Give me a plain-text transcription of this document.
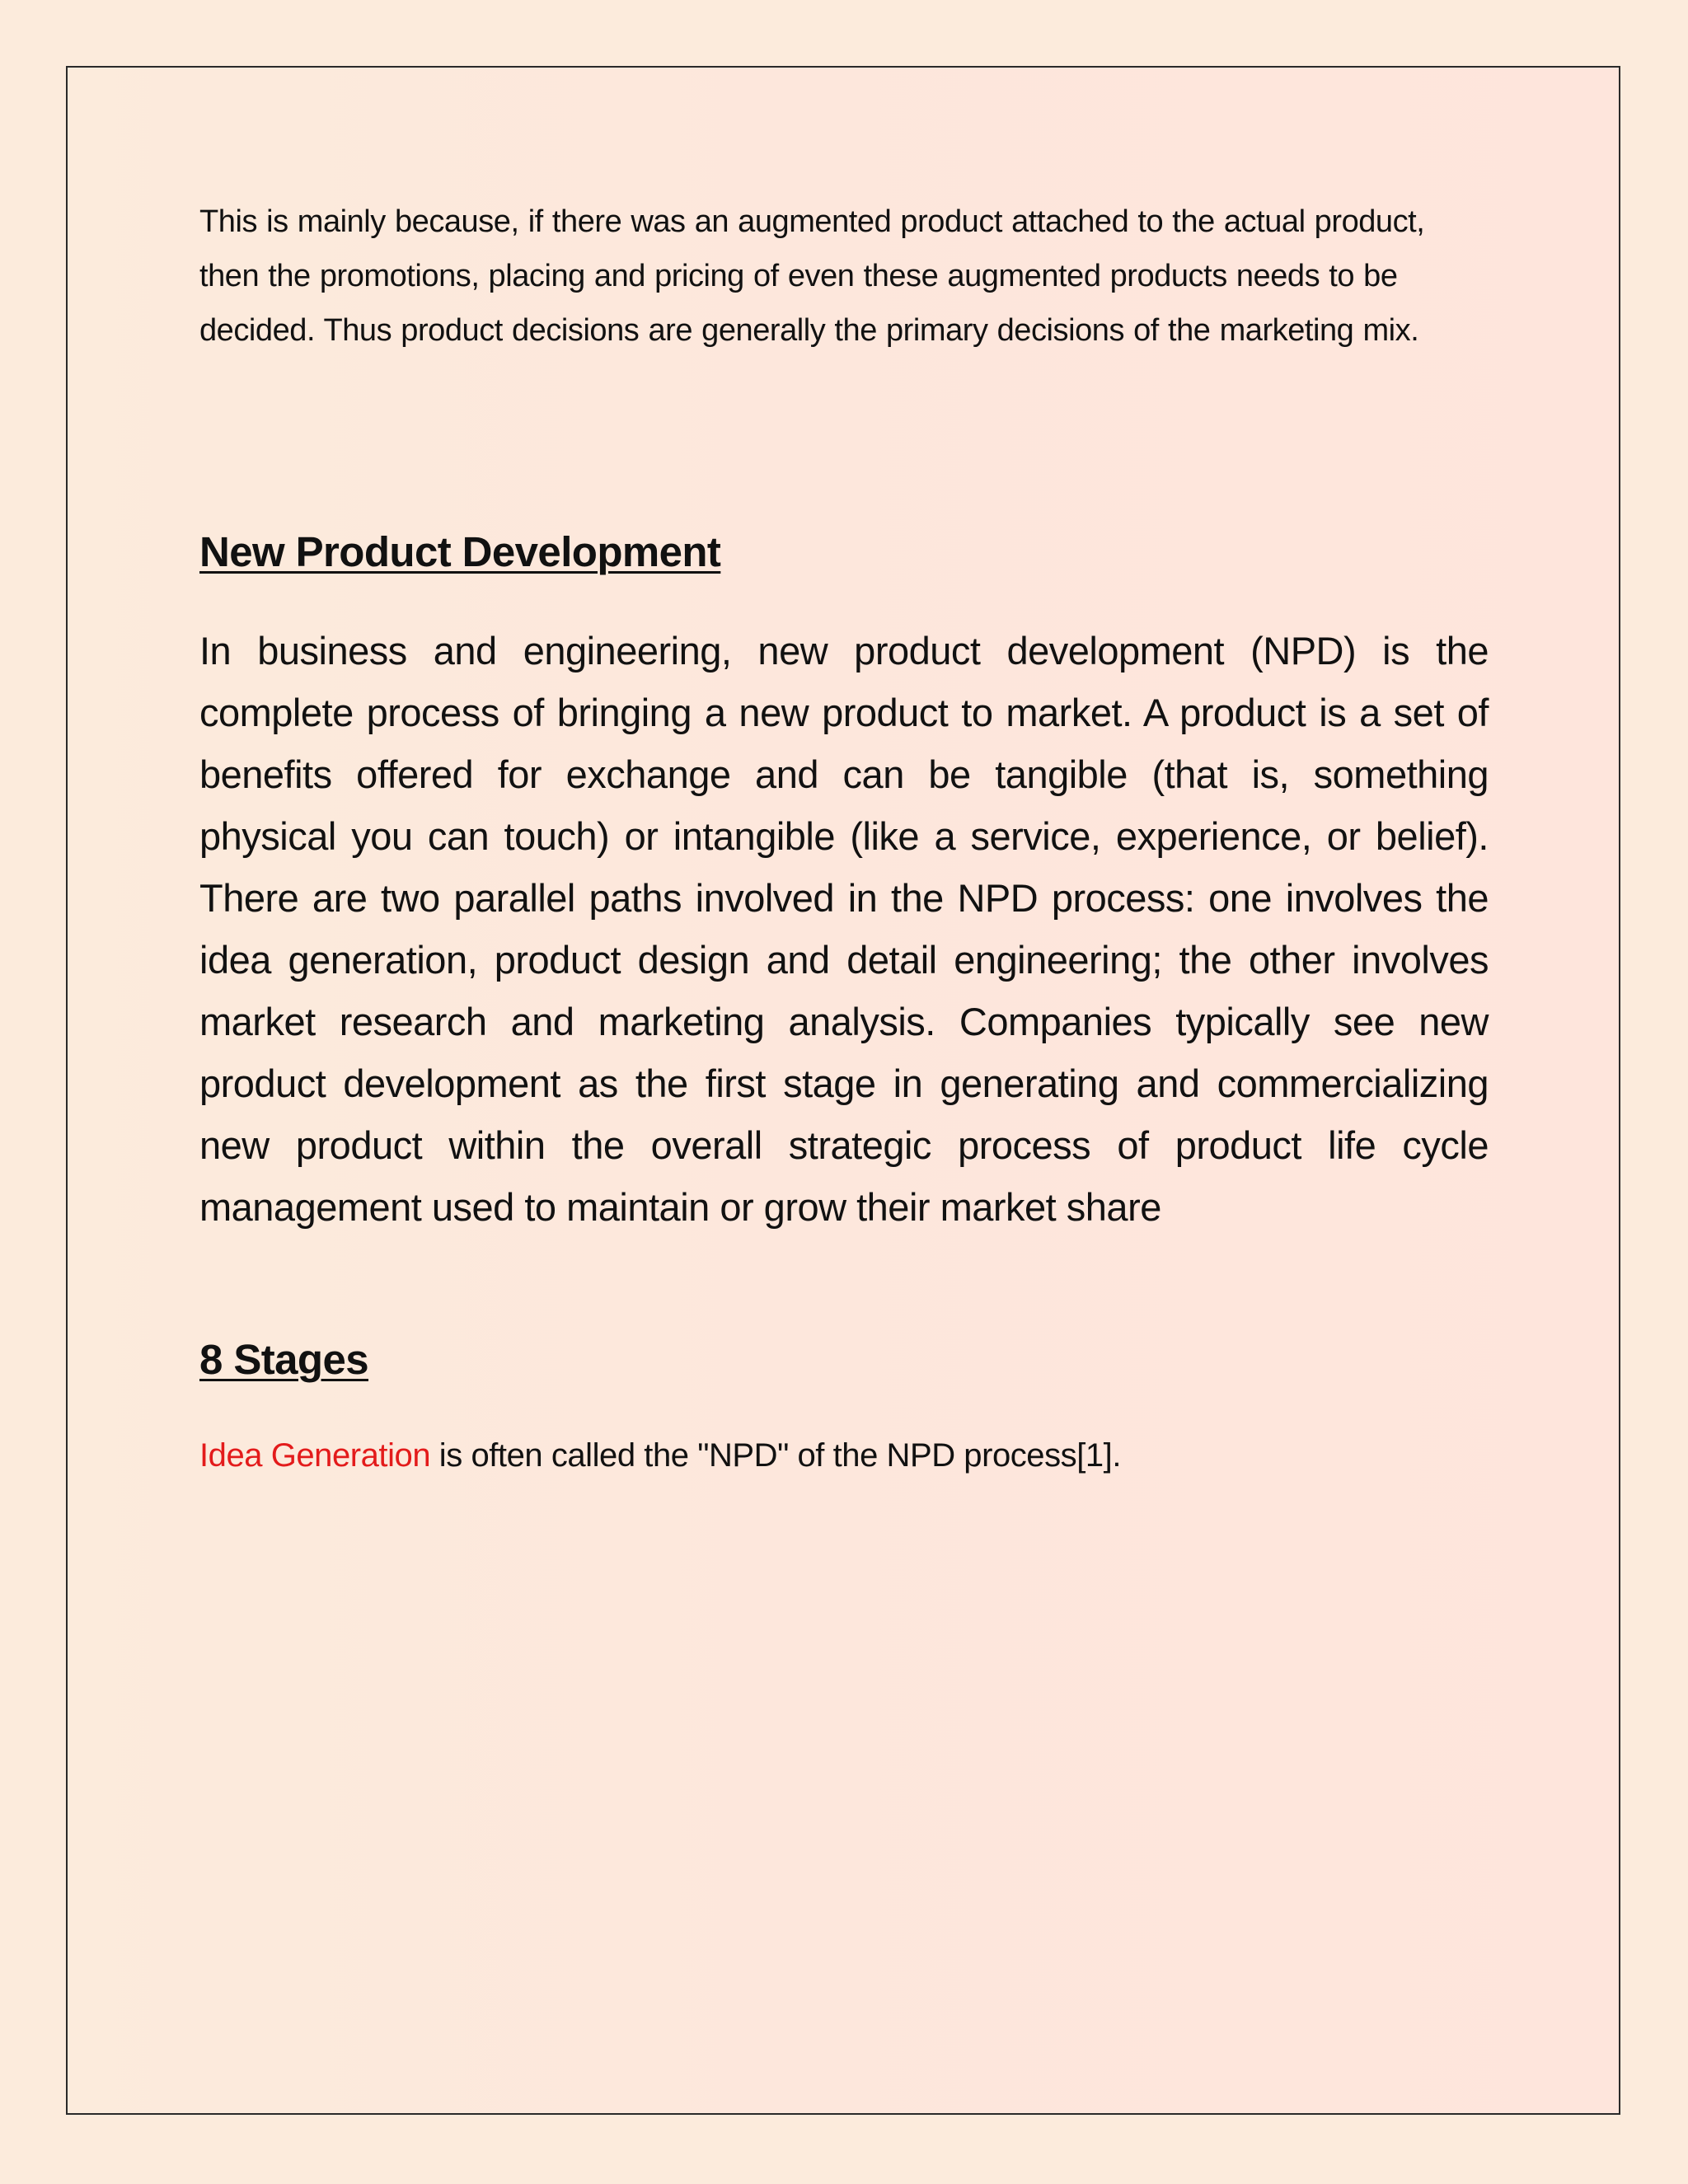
This is mainly because, if there was an augmented product attached to the actual product, then the promotions, placing and pricing of even these augmented products needs to be decided. Thus product decisions are generally the primary decisions of the marketing mix.

New Product Development

In business and engineering, new product development (NPD) is the complete process of bringing a new product to market. A product is a set of benefits offered for exchange and can be tangible (that is, something physical you can touch) or intangible (like a service, experience, or belief). There are two parallel paths involved in the NPD process: one involves the idea generation, product design and detail engineering; the other involves market research and marketing analysis. Companies typically see new product development as the first stage in generating and commercializing new product within the overall strategic process of product life cycle management used to maintain or grow their market share

8 Stages

Idea Generation is often called the "NPD" of the NPD process[1].
